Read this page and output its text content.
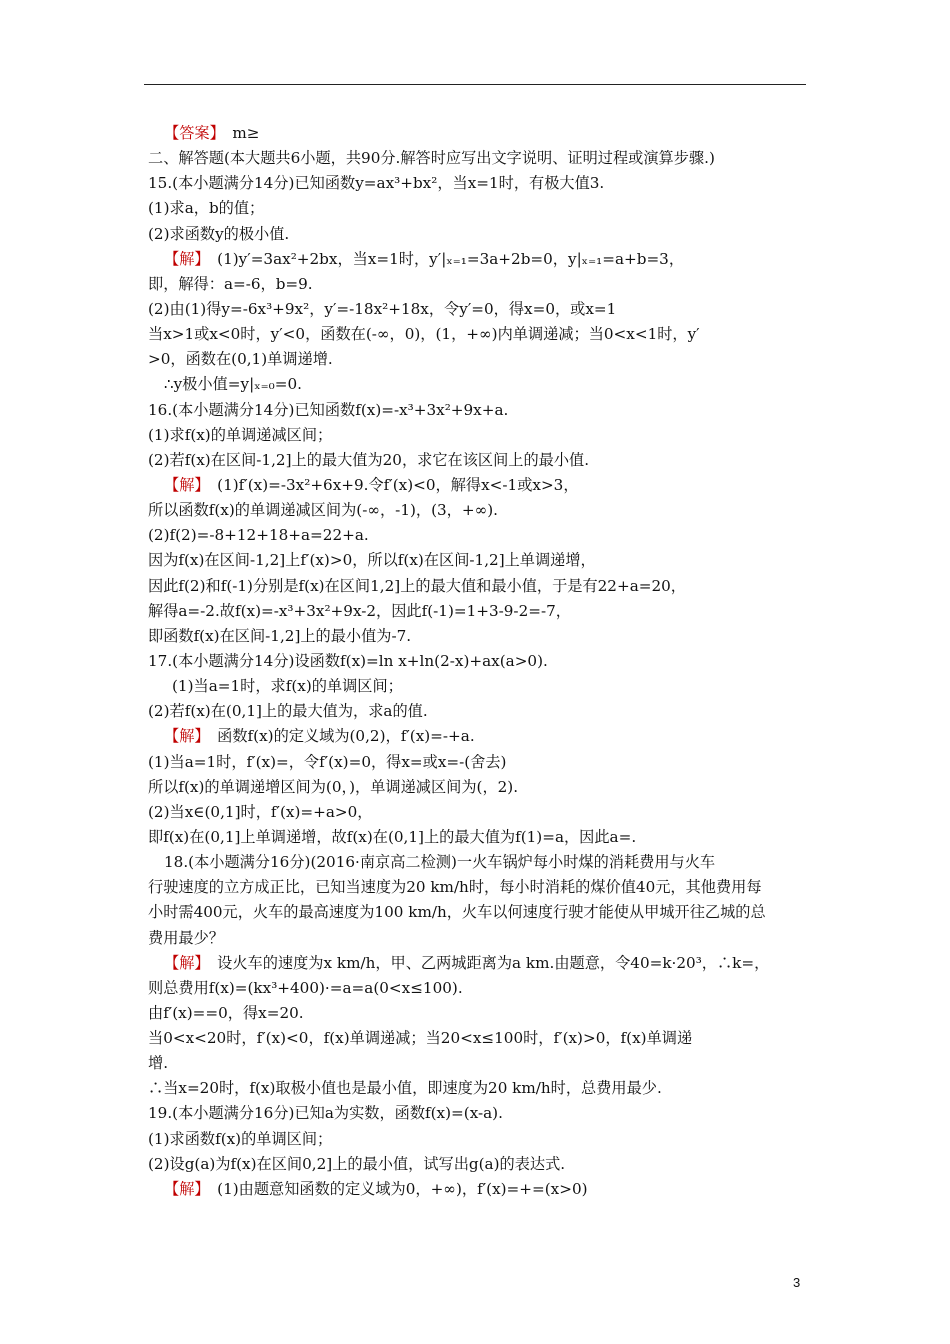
【答案】　m≥
二、解答题(本大题共6小题，共90分.解答时应写出文字说明、证明过程或演算步骤.)
15.(本小题满分14分)已知函数y=ax³+bx²，当x=1时，有极大值3.
(1)求a，b的值；
(2)求函数y的极小值.
【解】　(1)y′=3ax²+2bx，当x=1时，y′|ₓ₌₁=3a+2b=0，y|ₓ₌₁=a+b=3，
即，解得：a=-6，b=9.
(2)由(1)得y=-6x³+9x²，y′=-18x²+18x，令y′=0，得x=0，或x=1
当x>1或x<0时，y′<0，函数在(-∞，0)，(1，+∞)内单调递减；当0<x<1时，y′
>0，函数在(0,1)单调递增.
∴y极小值=y|ₓ₌₀=0.
16.(本小题满分14分)已知函数f(x)=-x³+3x²+9x+a.
(1)求f(x)的单调递减区间；
(2)若f(x)在区间-1,2]上的最大值为20，求它在该区间上的最小值.
【解】　(1)f′(x)=-3x²+6x+9.令f′(x)<0，解得x<-1或x>3，
所以函数f(x)的单调递减区间为(-∞，-1)，(3，+∞).
(2)f(2)=-8+12+18+a=22+a.
因为f(x)在区间-1,2]上f′(x)>0，所以f(x)在区间-1,2]上单调递增，
因此f(2)和f(-1)分别是f(x)在区间1,2]上的最大值和最小值，于是有22+a=20，
解得a=-2.故f(x)=-x³+3x²+9x-2，因此f(-1)=1+3-9-2=-7，
即函数f(x)在区间-1,2]上的最小值为-7.
17.(本小题满分14分)设函数f(x)=ln x+ln(2-x)+ax(a>0).
(1)当a=1时，求f(x)的单调区间；
(2)若f(x)在(0,1]上的最大值为，求a的值.
【解】　函数f(x)的定义域为(0,2)，f′(x)=-+a.
(1)当a=1时，f′(x)=，令f′(x)=0，得x=或x=-(舍去)
所以f(x)的单调递增区间为(0，)，单调递减区间为(，2).
(2)当x∈(0,1]时，f′(x)=+a>0，
即f(x)在(0,1]上单调递增，故f(x)在(0,1]上的最大值为f(1)=a，因此a=.
18.(本小题满分16分)(2016·南京高二检测)一火车锅炉每小时煤的消耗费用与火车
行驶速度的立方成正比，已知当速度为20 km/h时，每小时消耗的煤价值40元，其他费用每
小时需400元，火车的最高速度为100 km/h，火车以何速度行驶才能使从甲城开往乙城的总
费用最少？
【解】　设火车的速度为x km/h，甲、乙两城距离为a km.由题意，令40=k·20³，∴k=，
则总费用f(x)=(kx³+400)·=a=a(0<x≤100).
由f′(x)==0，得x=20.
当0<x<20时，f′(x)<0，f(x)单调递减；当20<x≤100时，f′(x)>0，f(x)单调递
增.
∴当x=20时，f(x)取极小值也是最小值，即速度为20 km/h时，总费用最少.
19.(本小题满分16分)已知a为实数，函数f(x)=(x-a).
(1)求函数f(x)的单调区间；
(2)设g(a)为f(x)在区间0,2]上的最小值，试写出g(a)的表达式.
【解】　(1)由题意知函数的定义域为0，+∞)，f′(x)=+=(x>0)
3
